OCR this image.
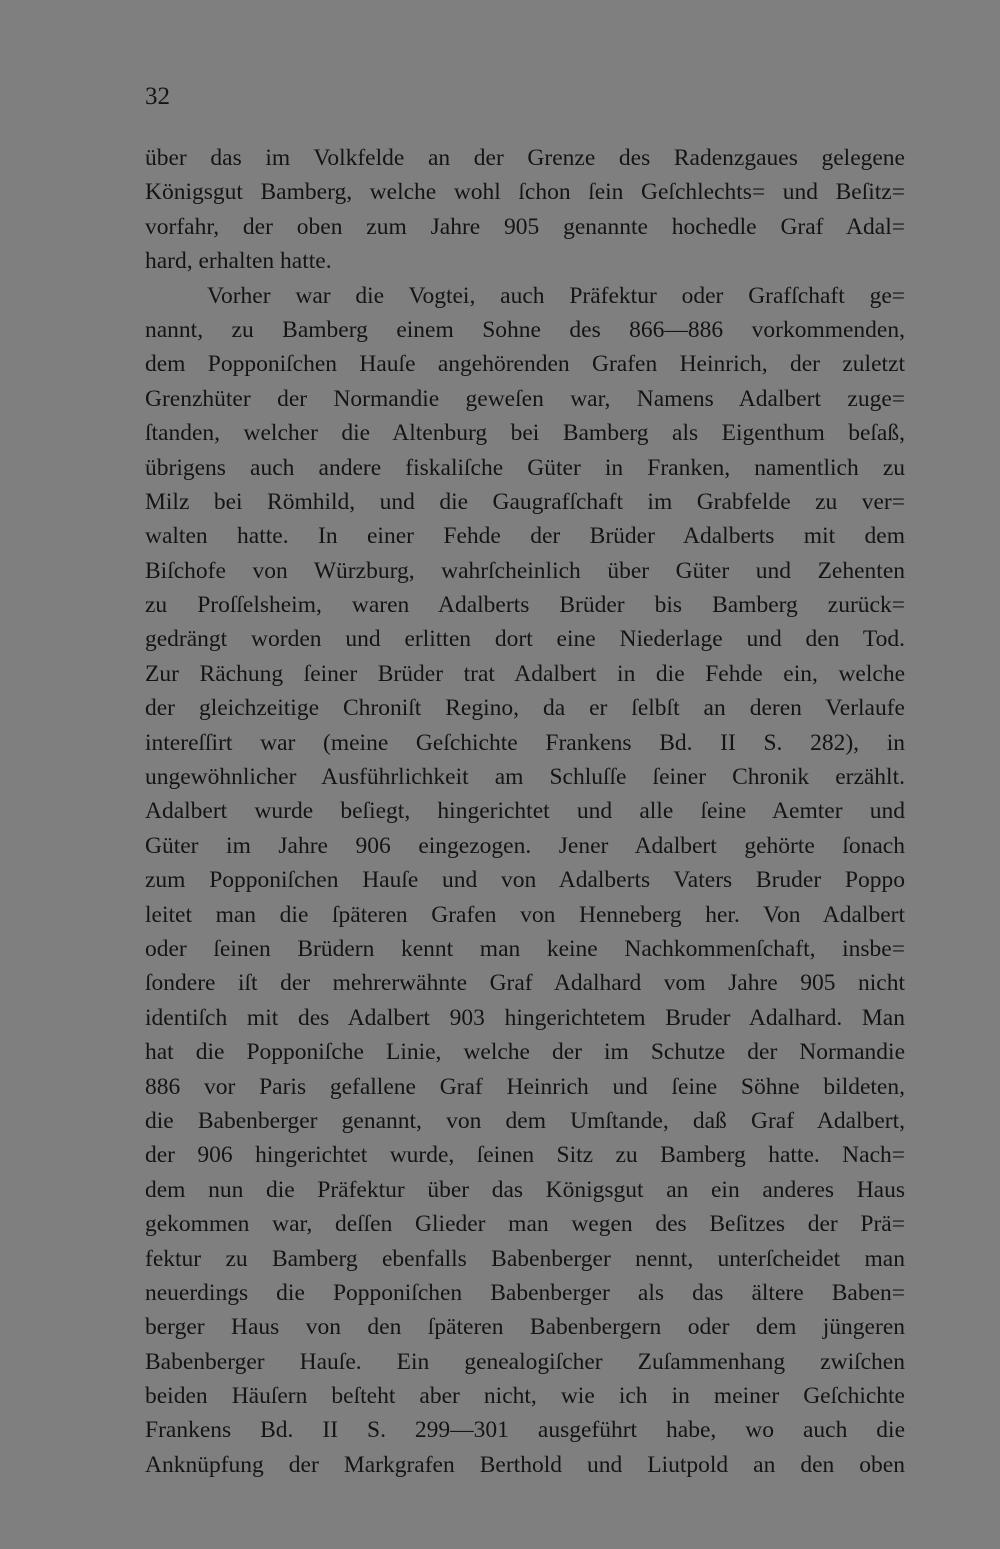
32
über das im Volkfelde an der Grenze des Radenzgaues gelegene
Königsgut Bamberg, welche wohl ſchon ſein Geſchlechts= und Beſitz=
vorfahr, der oben zum Jahre 905 genannte hochedle Graf Adal=
hard, erhalten hatte.
Vorher war die Vogtei, auch Präfektur oder Grafſchaft ge=
nannt, zu Bamberg einem Sohne des 866—886 vorkommenden,
dem Popponiſchen Hauſe angehörenden Grafen Heinrich, der zuletzt
Grenzhüter der Normandie geweſen war, Namens Adalbert zuge=
ſtanden, welcher die Altenburg bei Bamberg als Eigenthum beſaß,
übrigens auch andere fiskaliſche Güter in Franken, namentlich zu
Milz bei Römhild, und die Gaugrafſchaft im Grabfelde zu ver=
walten hatte. In einer Fehde der Brüder Adalberts mit dem
Biſchofe von Würzburg, wahrſcheinlich über Güter und Zehenten
zu Proſſelsheim, waren Adalberts Brüder bis Bamberg zurück=
gedrängt worden und erlitten dort eine Niederlage und den Tod.
Zur Rächung ſeiner Brüder trat Adalbert in die Fehde ein, welche
der gleichzeitige Chroniſt Regino, da er ſelbſt an deren Verlaufe
intereſſirt war (meine Geſchichte Frankens Bd. II S. 282), in
ungewöhnlicher Ausführlichkeit am Schluſſe ſeiner Chronik erzählt.
Adalbert wurde beſiegt, hingerichtet und alle ſeine Aemter und
Güter im Jahre 906 eingezogen. Jener Adalbert gehörte ſonach
zum Popponiſchen Hauſe und von Adalberts Vaters Bruder Poppo
leitet man die ſpäteren Grafen von Henneberg her. Von Adalbert
oder ſeinen Brüdern kennt man keine Nachkommenſchaft, insbe=
ſondere iſt der mehrerwähnte Graf Adalhard vom Jahre 905 nicht
identiſch mit des Adalbert 903 hingerichtetem Bruder Adalhard. Man
hat die Popponiſche Linie, welche der im Schutze der Normandie
886 vor Paris gefallene Graf Heinrich und ſeine Söhne bildeten,
die Babenberger genannt, von dem Umſtande, daß Graf Adalbert,
der 906 hingerichtet wurde, ſeinen Sitz zu Bamberg hatte. Nach=
dem nun die Präfektur über das Königsgut an ein anderes Haus
gekommen war, deſſen Glieder man wegen des Beſitzes der Prä=
fektur zu Bamberg ebenfalls Babenberger nennt, unterſcheidet man
neuerdings die Popponiſchen Babenberger als das ältere Baben=
berger Haus von den ſpäteren Babenbergern oder dem jüngeren
Babenberger Hauſe. Ein genealogiſcher Zuſammenhang zwiſchen
beiden Häuſern beſteht aber nicht, wie ich in meiner Geſchichte
Frankens Bd. II S. 299—301 ausgeführt habe, wo auch die
Anknüpfung der Markgrafen Berthold und Liutpold an den oben
